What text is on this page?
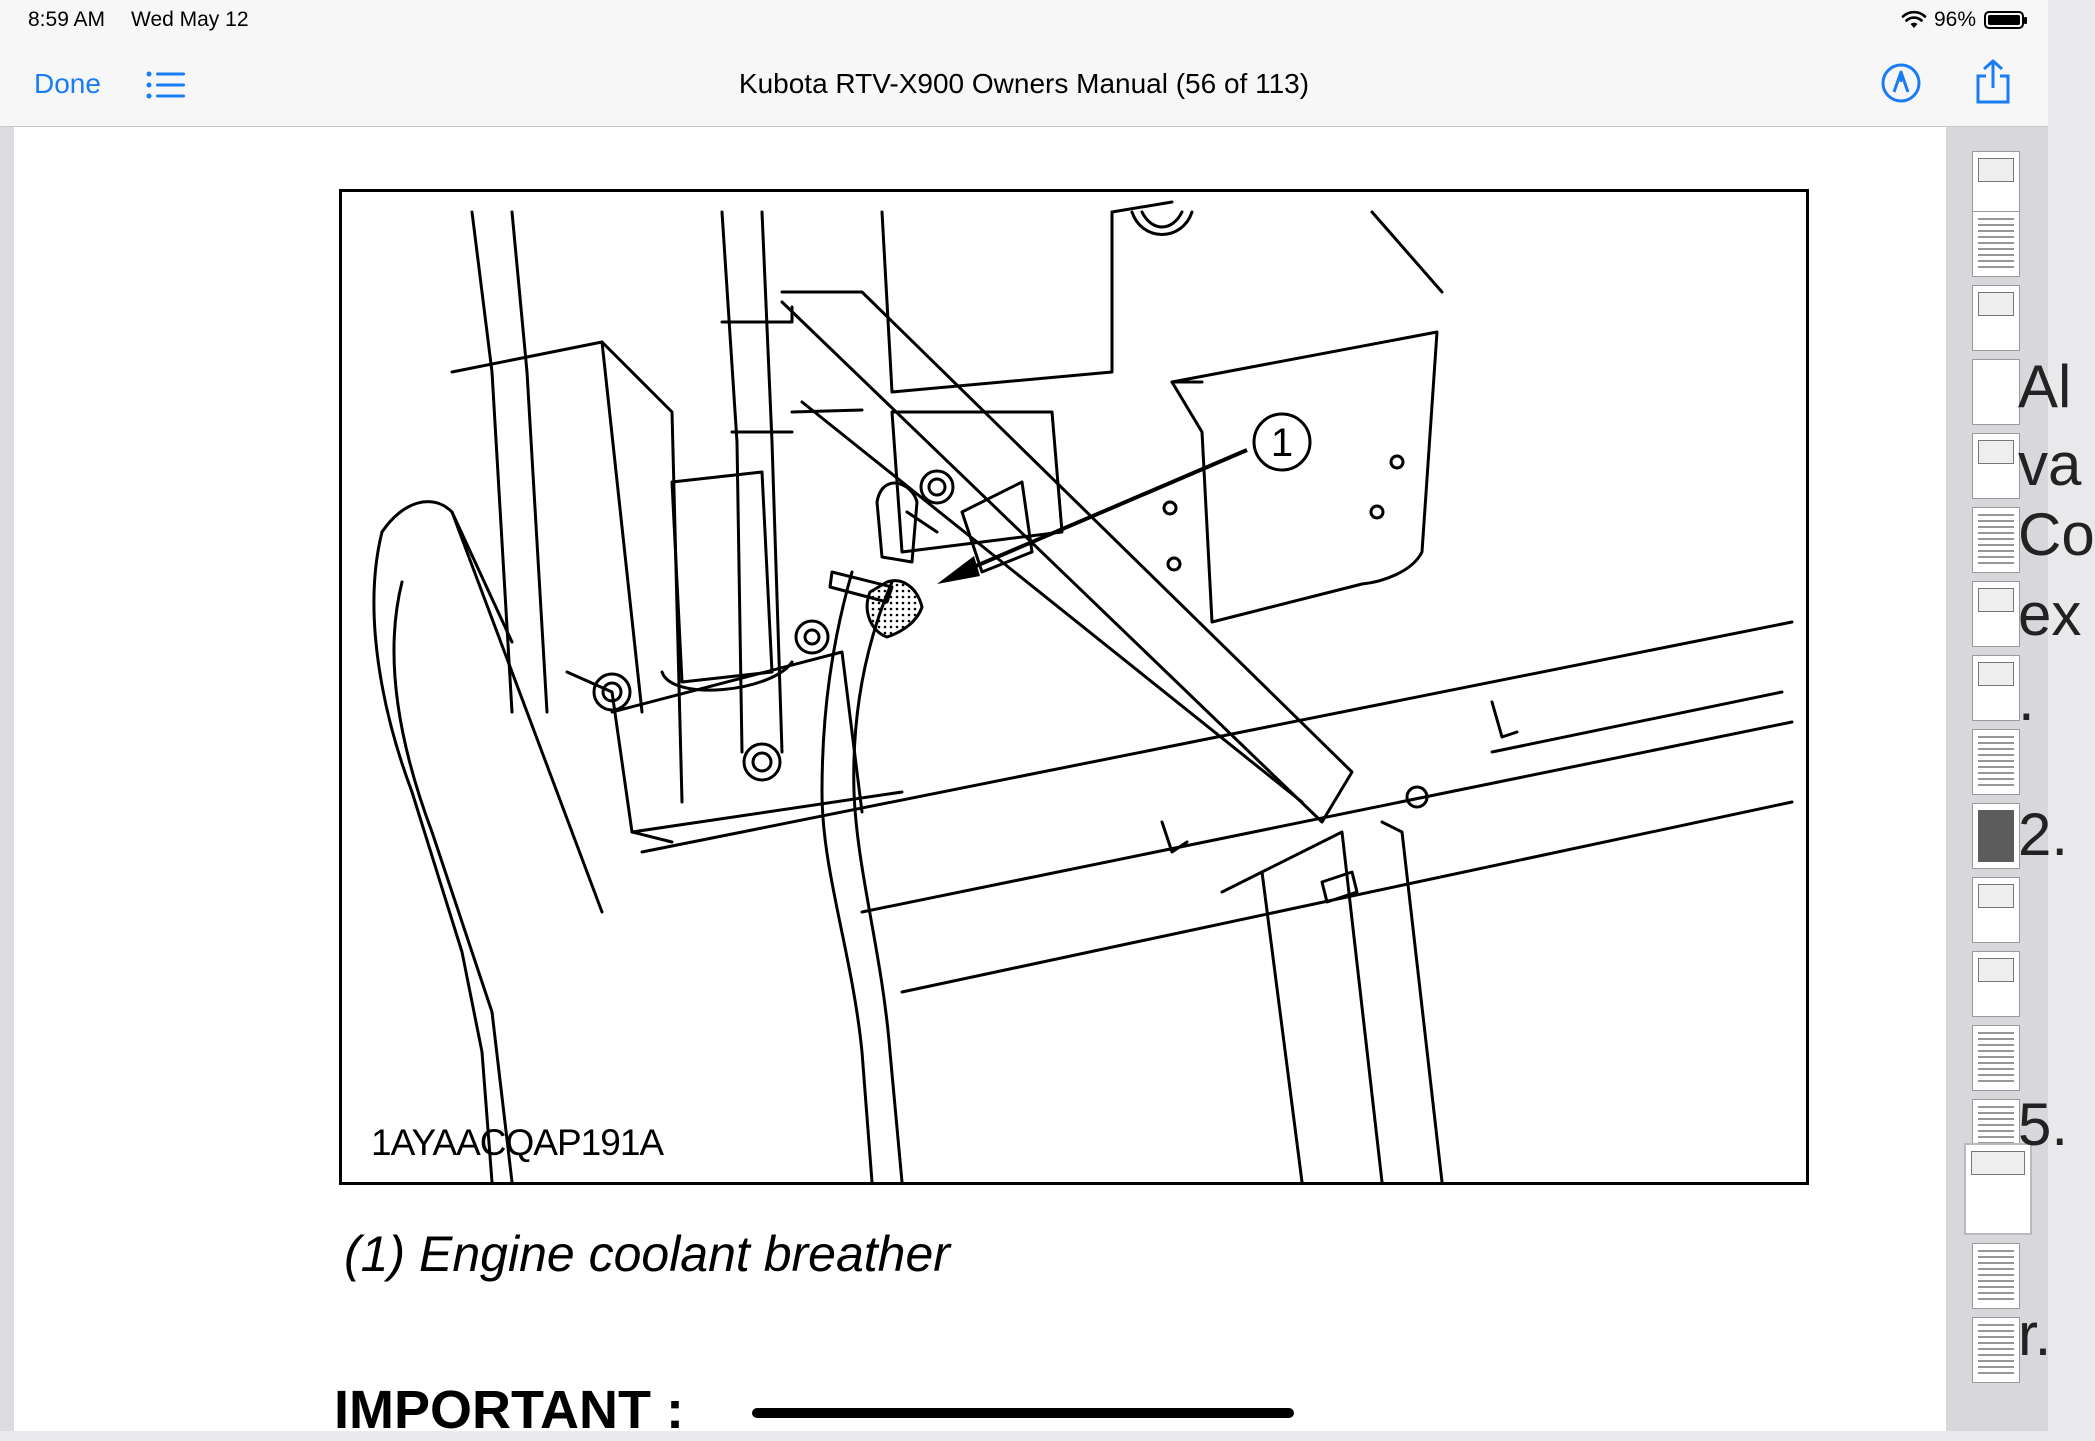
8:59 AM Wed May 12	96%
Done	Kubota RTV-X900 Owners Manual (56 of 113)
1
1AYAACQAP191A
(1) Engine coolant breather
IMPORTANT :
Al
va
Co
ex
.
2.
5.
r.
